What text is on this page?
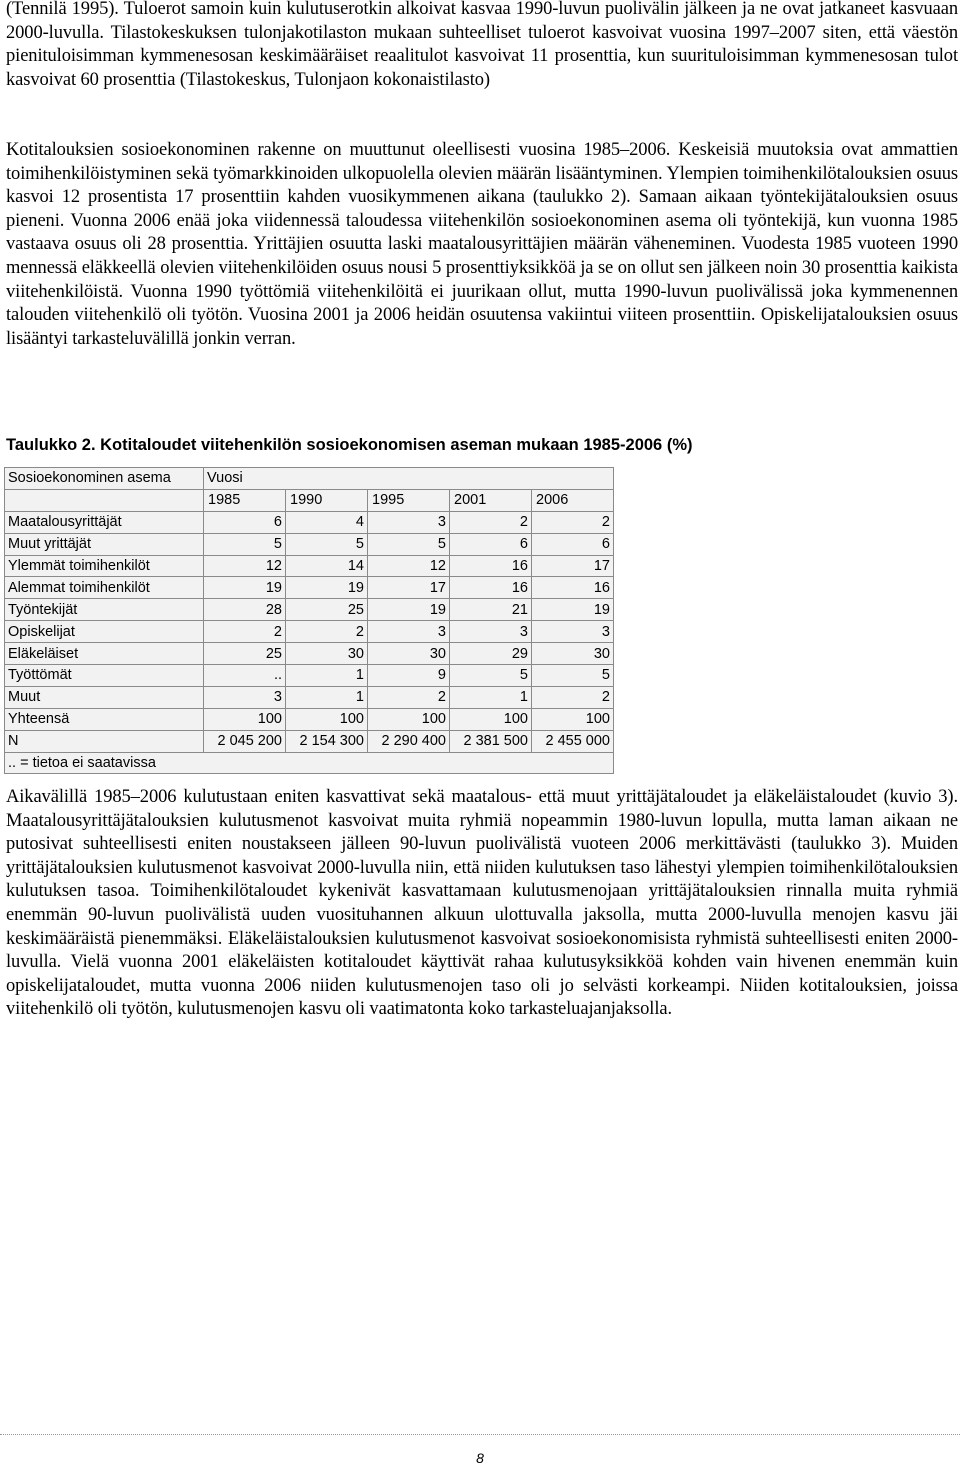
(Tennilä 1995). Tuloerot samoin kuin kulutuserotkin alkoivat kasvaa 1990-luvun puolivälin jälkeen ja ne ovat jatkaneet kasvuaan 2000-luvulla. Tilastokeskuksen tulonjakotilaston mukaan suhteelliset tuloerot kasvoivat vuosina 1997–2007 siten, että väestön pienituloisimman kymmenesosan keskimääräiset reaalitulot kasvoivat 11 prosenttia, kun suurituloisimman kymmenesosan tulot kasvoivat 60 prosenttia (Tilastokeskus, Tulonjaon kokonaistilasto)

Kotitalouksien sosioekonominen rakenne on muuttunut oleellisesti vuosina 1985–2006. Keskeisiä muutoksia ovat ammattien toimihenkilöistyminen sekä työmarkkinoiden ulkopuolella olevien määrän lisääntyminen. Ylempien toimihenkilötalouksien osuus kasvoi 12 prosentista 17 prosenttiin kahden vuosikymmenen aikana (taulukko 2). Samaan aikaan työntekijätalouksien osuus pieneni. Vuonna 2006 enää joka viidennessä taloudessa viitehenkilön sosioekonominen asema oli työntekijä, kun vuonna 1985 vastaava osuus oli 28 prosenttia. Yrittäjien osuutta laski maatalousyrittäjien määrän väheneminen. Vuodesta 1985 vuoteen 1990 mennessä eläkkeellä olevien viitehenkilöiden osuus nousi 5 prosenttiyksikköä ja se on ollut sen jälkeen noin 30 prosenttia kaikista viitehenkilöistä. Vuonna 1990 työttömiä viitehenkilöitä ei juurikaan ollut, mutta 1990-luvun puolivälissä joka kymmenennen talouden viitehenkilö oli työtön. Vuosina 2001 ja 2006 heidän osuutensa vakiintui viiteen prosenttiin. Opiskelijatalouksien osuus lisääntyi tarkasteluvälillä jonkin verran.

Taulukko 2. Kotitaloudet viitehenkilön sosioekonomisen aseman mukaan 1985-2006 (%)

Sosioekonominen asema	Vuosi				
	1985	1990	1995	2001	2006
Maatalousyrittäjät	6	4	3	2	2
Muut yrittäjät	5	5	5	6	6
Ylemmät toimihenkilöt	12	14	12	16	17
Alemmat toimihenkilöt	19	19	17	16	16
Työntekijät	28	25	19	21	19
Opiskelijat	2	2	3	3	3
Eläkeläiset	25	30	30	29	30
Työttömät	..	1	9	5	5
Muut	3	1	2	1	2
Yhteensä	100	100	100	100	100
N	2 045 200	2 154 300	2 290 400	2 381 500	2 455 000
.. = tietoa ei saatavissa					

Aikavälillä 1985–2006 kulutustaan eniten kasvattivat sekä maatalous- että muut yrittäjätaloudet ja eläkeläistaloudet (kuvio 3). Maatalousyrittäjätalouksien kulutusmenot kasvoivat muita ryhmiä nopeammin 1980-luvun lopulla, mutta laman aikaan ne putosivat suhteellisesti eniten noustakseen jälleen 90-luvun puolivälistä vuoteen 2006 merkittävästi (taulukko 3). Muiden yrittäjätalouksien kulutusmenot kasvoivat 2000-luvulla niin, että niiden kulutuksen taso lähestyi ylempien toimihenkilötalouksien kulutuksen tasoa. Toimihenkilötaloudet kykenivät kasvattamaan kulutusmenojaan yrittäjätalouksien rinnalla muita ryhmiä enemmän 90-luvun puolivälistä uuden vuosituhannen alkuun ulottuvalla jaksolla, mutta 2000-luvulla menojen kasvu jäi keskimääräistä pienemmäksi. Eläkeläistalouksien kulutusmenot kasvoivat sosioekonomisista ryhmistä suhteellisesti eniten 2000-luvulla. Vielä vuonna 2001 eläkeläisten kotitaloudet käyttivät rahaa kulutusyksikköä kohden vain hivenen enemmän kuin opiskelijataloudet, mutta vuonna 2006 niiden kulutusmenojen taso oli jo selvästi korkeampi. Niiden kotitalouksien, joissa viitehenkilö oli työtön, kulutusmenojen kasvu oli vaatimatonta koko tarkasteluajanjaksolla.

8
